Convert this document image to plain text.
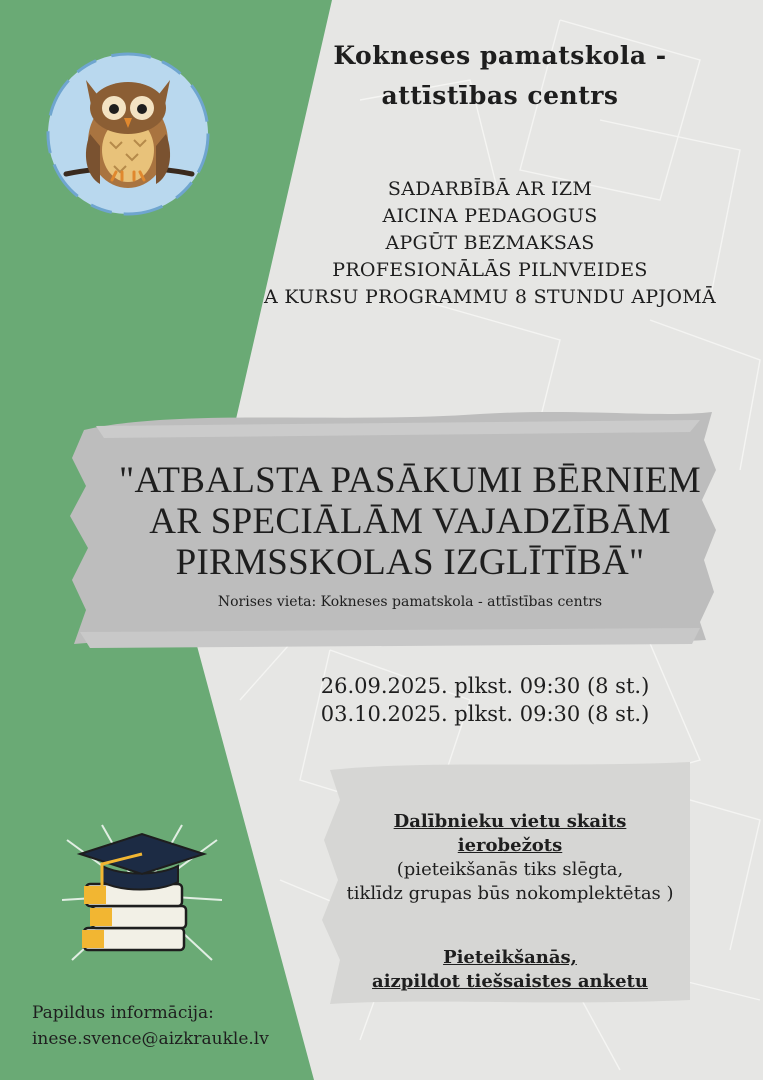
Kokneses pamatskola -
attīstības centrs
SADARBĪBĀ AR IZM
AICINA PEDAGOGUS
APGŪT BEZMAKSAS
PROFESIONĀLĀS PILNVEIDES
A KURSU PROGRAMMU 8 STUNDU APJOMĀ
"ATBALSTA PASĀKUMI BĒRNIEM
AR SPECIĀLĀM VAJADZĪBĀM
PIRMSSKOLAS IZGLĪTĪBĀ"
Norises vieta: Kokneses pamatskola - attīstības centrs
26.09.2025. plkst. 09:30 (8 st.)
03.10.2025. plkst. 09:30 (8 st.)
Dalībnieku vietu skaits
ierobežots
(pieteikšanās tiks slēgta,
tiklīdz grupas būs nokomplektētas )
Pieteikšanās,
aizpildot tiešsaistes anketu
Papildus informācija:
inese.svence@aizkraukle.lv
